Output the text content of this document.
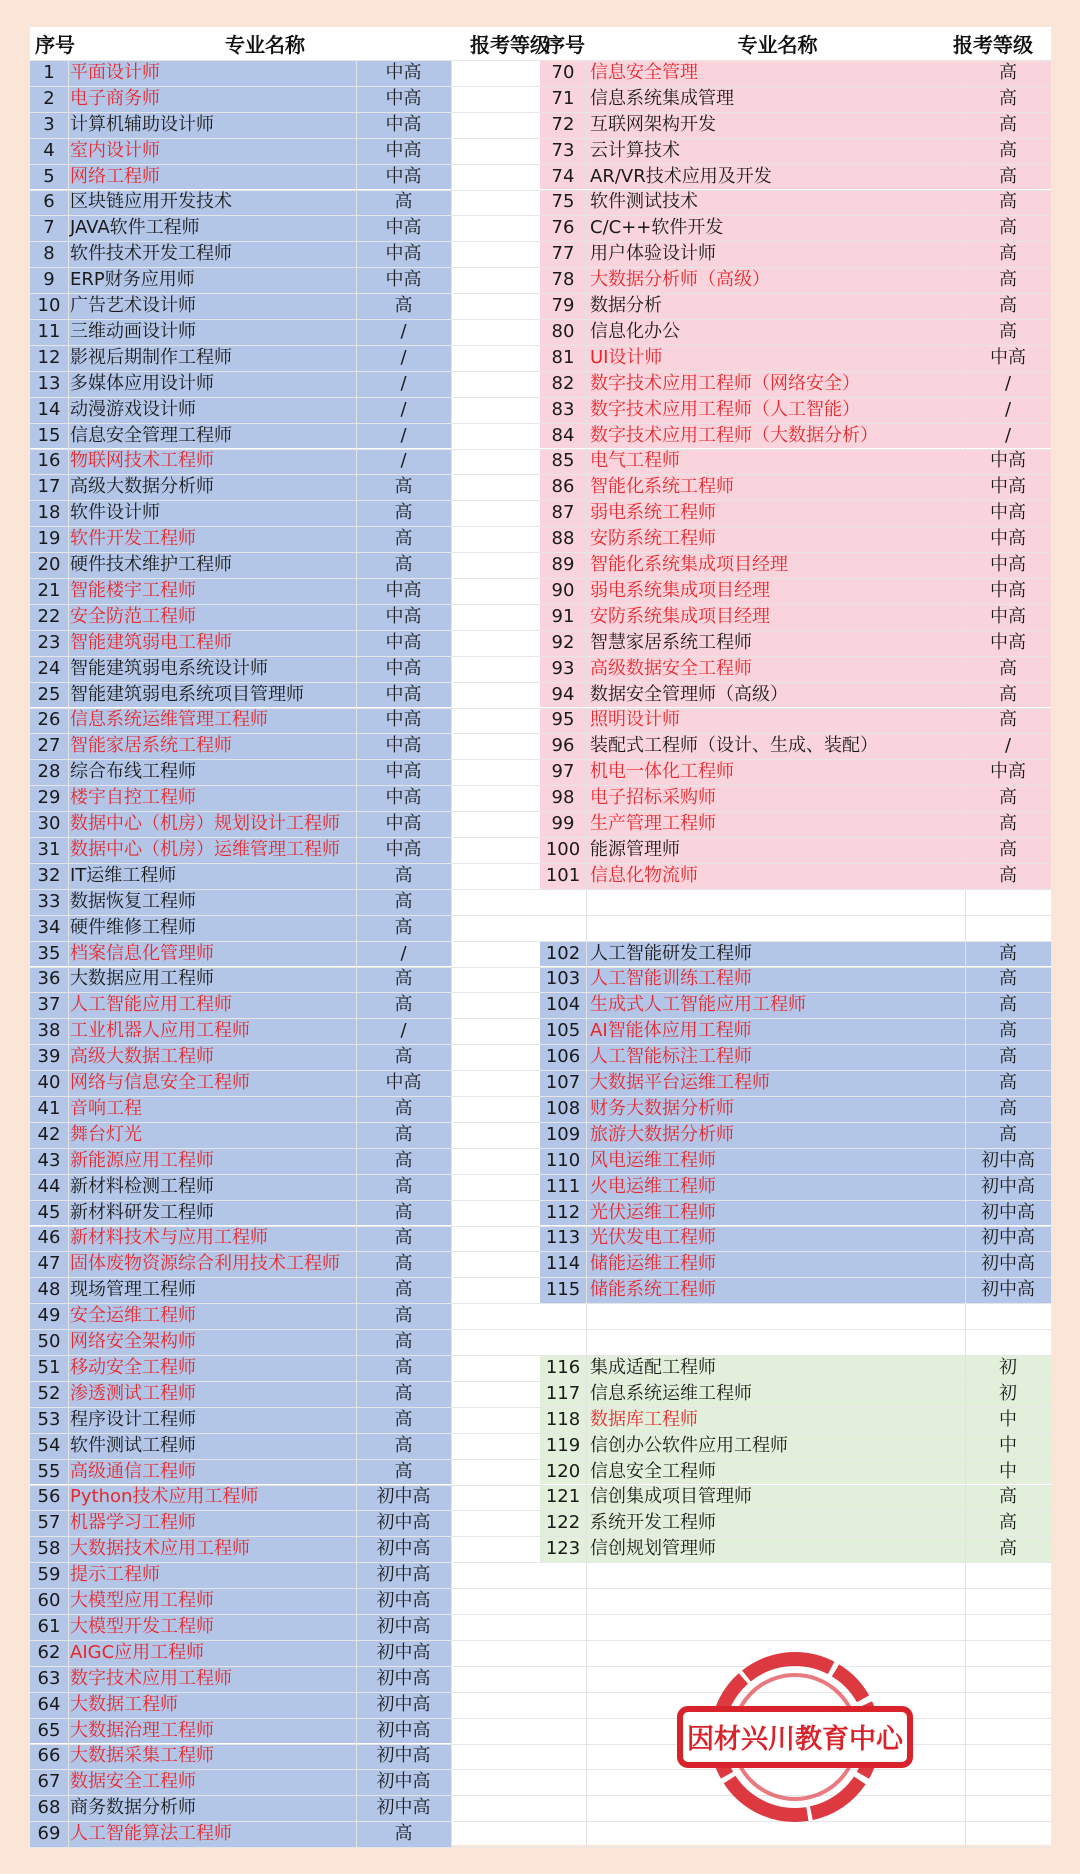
序号	专业名称	报考等级
序号	专业名称	报考等级
1 平面设计师	中高
2 电子商务师	中高
3 计算机辅助设计师	中高
4 室内设计师	中高
5 网络工程师	中高
6 区块链应用开发技术	高
7 JAVA软件工程师	中高
8 软件技术开发工程师	中高
9 ERP财务应用师	中高
10 广告艺术设计师	高
11 三维动画设计师	/
12 影视后期制作工程师	/
13 多媒体应用设计师	/
14 动漫游戏设计师	/
15 信息安全管理工程师	/
16 物联网技术工程师	/
17 高级大数据分析师	高
18 软件设计师	高
19 软件开发工程师	高
20 硬件技术维护工程师	高
21 智能楼宇工程师	中高
22 安全防范工程师	中高
23 智能建筑弱电工程师	中高
24 智能建筑弱电系统设计师	中高
25 智能建筑弱电系统项目管理师	中高
26 信息系统运维管理工程师	中高
27 智能家居系统工程师	中高
28 综合布线工程师	中高
29 楼宇自控工程师	中高
30 数据中心（机房）规划设计工程师	中高
31 数据中心（机房）运维管理工程师	中高
32 IT运维工程师	高
33 数据恢复工程师	高
34 硬件维修工程师	高
35 档案信息化管理师	/
36 大数据应用工程师	高
37 人工智能应用工程师	高
38 工业机器人应用工程师	/
39 高级大数据工程师	高
40 网络与信息安全工程师	中高
41 音响工程	高
42 舞台灯光	高
43 新能源应用工程师	高
44 新材料检测工程师	高
45 新材料研发工程师	高
46 新材料技术与应用工程师	高
47 固体废物资源综合利用技术工程师	高
48 现场管理工程师	高
49 安全运维工程师	高
50 网络安全架构师	高
51 移动安全工程师	高
52 渗透测试工程师	高
53 程序设计工程师	高
54 软件测试工程师	高
55 高级通信工程师	高
56 Python技术应用工程师	初中高
57 机器学习工程师	初中高
58 大数据技术应用工程师	初中高
59 提示工程师	初中高
60 大模型应用工程师	初中高
61 大模型开发工程师	初中高
62 AIGC应用工程师	初中高
63 数字技术应用工程师	初中高
64 大数据工程师	初中高
65 大数据治理工程师	初中高
66 大数据采集工程师	初中高
67 数据安全工程师	初中高
68 商务数据分析师	初中高
69 人工智能算法工程师	高
70 信息安全管理	高
71 信息系统集成管理	高
72 互联网架构开发	高
73 云计算技术	高
74 AR/VR技术应用及开发	高
75 软件测试技术	高
76 C/C++软件开发	高
77 用户体验设计师	高
78 大数据分析师（高级）	高
79 数据分析	高
80 信息化办公	高
81 UI设计师	中高
82 数字技术应用工程师（网络安全）	/
83 数字技术应用工程师（人工智能）	/
84 数字技术应用工程师（大数据分析）	/
85 电气工程师	中高
86 智能化系统工程师	中高
87 弱电系统工程师	中高
88 安防系统工程师	中高
89 智能化系统集成项目经理	中高
90 弱电系统集成项目经理	中高
91 安防系统集成项目经理	中高
92 智慧家居系统工程师	中高
93 高级数据安全工程师	高
94 数据安全管理师（高级）	高
95 照明设计师	高
96 装配式工程师（设计、生成、装配）	/
97 机电一体化工程师	中高
98 电子招标采购师	高
99 生产管理工程师	高
100 能源管理师	高
101 信息化物流师	高
102 人工智能研发工程师	高
103 人工智能训练工程师	高
104 生成式人工智能应用工程师	高
105 AI智能体应用工程师	高
106 人工智能标注工程师	高
107 大数据平台运维工程师	高
108 财务大数据分析师	高
109 旅游大数据分析师	高
110 风电运维工程师	初中高
111 火电运维工程师	初中高
112 光伏运维工程师	初中高
113 光伏发电工程师	初中高
114 储能运维工程师	初中高
115 储能系统工程师	初中高
116 集成适配工程师	初
117 信息系统运维工程师	初
118 数据库工程师	中
119 信创办公软件应用工程师	中
120 信息安全工程师	中
121 信创集成项目管理师	高
122 系统开发工程师	高
123 信创规划管理师	高
因材兴川教育中心
